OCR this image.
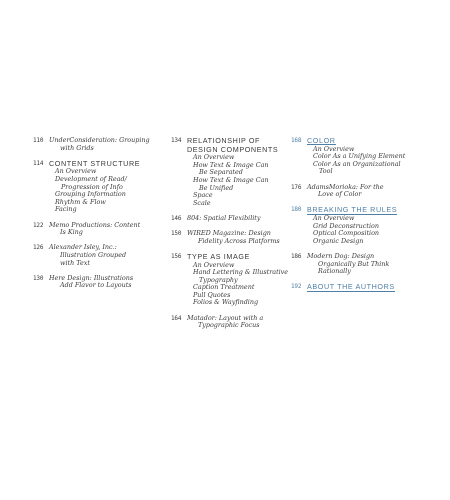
110 UnderConsideration: Grouping
with Grids
114 CONTENT STRUCTURE
An Overview
Development of Read/
Progression of Info
Grouping Information
Rhythm & Flow
Facing
122 Memo Productions: Content
Is King
126 Alexander Isley, Inc.:
Illustration Grouped
with Text
130 Here Design: Illustrations
Add Flavor to Layouts
134 RELATIONSHIP OF DESIGN COMPONENTS
An Overview
How Text & Image Can
Be Separated
How Text & Image Can
Be Unified
Space
Scale
146 804: Spatial Flexibility
150 WIRED Magazine: Design
Fidelity Across Platforms
156 TYPE AS IMAGE
An Overview
Hand Lettering & Illustrative
Typography
Caption Treatment
Pull Quotes
Folios & Wayfinding
164 Matador: Layout with a
Typographic Focus
168 COLOR
An Overview
Color As a Unifying Element
Color As an Organizational
Tool
176 AdamsMorioka: For the
Love of Color
180 BREAKING THE RULES
An Overview
Grid Deconstruction
Optical Composition
Organic Design
186 Modern Dog: Design
Organically But Think
Rationally
192 ABOUT THE AUTHORS
